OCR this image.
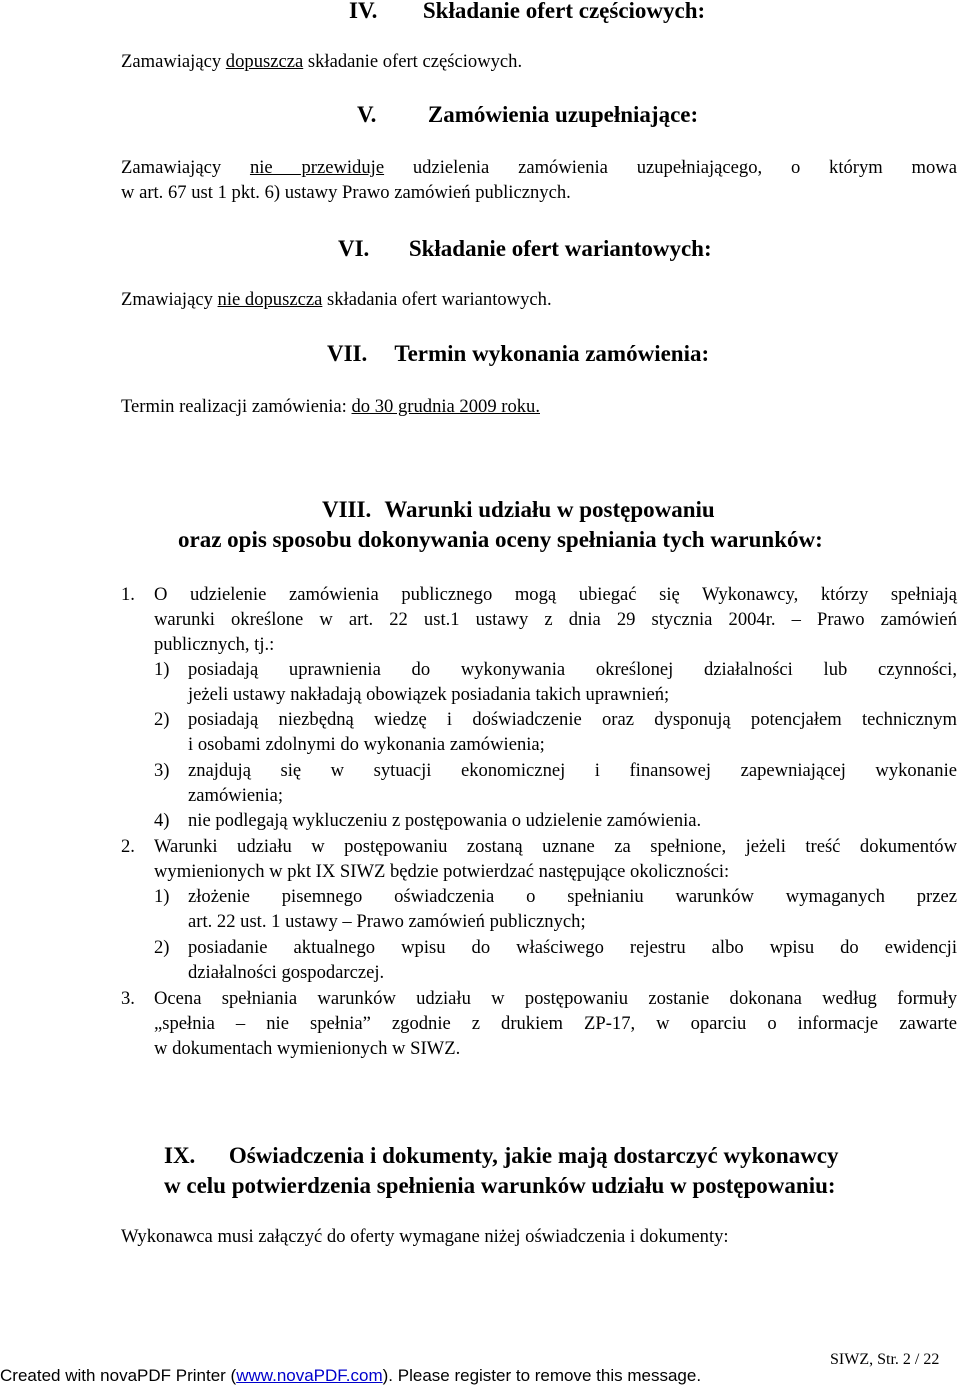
IV. Składanie ofert częściowych:
Zamawiający dopuszcza składanie ofert częściowych.
V. Zamówienia uzupełniające:
Zamawiający nie przewiduje udzielenia zamówienia uzupełniającego, o którym mowa
w art. 67 ust 1 pkt. 6) ustawy Prawo zamówień publicznych.
VI. Składanie ofert wariantowych:
Zmawiający nie dopuszcza składania ofert wariantowych.
VII. Termin wykonania zamówienia:
Termin realizacji zamówienia: do 30 grudnia 2009 roku.
VIII. Warunki udziału w postępowaniu
oraz opis sposobu dokonywania oceny spełniania tych warunków:
1. O udzielenie zamówienia publicznego mogą ubiegać się Wykonawcy, którzy spełniają
warunki określone w art. 22 ust.1 ustawy z dnia 29 stycznia 2004r. – Prawo zamówień
publicznych, tj.:
1) posiadają uprawnienia do wykonywania określonej działalności lub czynności,
jeżeli ustawy nakładają obowiązek posiadania takich uprawnień;
2) posiadają niezbędną wiedzę i doświadczenie oraz dysponują potencjałem technicznym
i osobami zdolnymi do wykonania zamówienia;
3) znajdują się w sytuacji ekonomicznej i finansowej zapewniającej wykonanie
zamówienia;
4) nie podlegają wykluczeniu z postępowania o udzielenie zamówienia.
2. Warunki udziału w postępowaniu zostaną uznane za spełnione, jeżeli treść dokumentów
wymienionych w pkt IX SIWZ będzie potwierdzać następujące okoliczności:
1) złożenie pisemnego oświadczenia o spełnianiu warunków wymaganych przez
art. 22 ust. 1 ustawy – Prawo zamówień publicznych;
2) posiadanie aktualnego wpisu do właściwego rejestru albo wpisu do ewidencji
działalności gospodarczej.
3. Ocena spełniania warunków udziału w postępowaniu zostanie dokonana według formuły
„spełnia – nie spełnia” zgodnie z drukiem ZP-17, w oparciu o informacje zawarte
w dokumentach wymienionych w SIWZ.
IX. Oświadczenia i dokumenty, jakie mają dostarczyć wykonawcy
w celu potwierdzenia spełnienia warunków udziału w postępowaniu:
Wykonawca musi załączyć do oferty wymagane niżej oświadczenia i dokumenty:
SIWZ, Str. 2 / 22
Created with novaPDF Printer (www.novaPDF.com). Please register to remove this message.
